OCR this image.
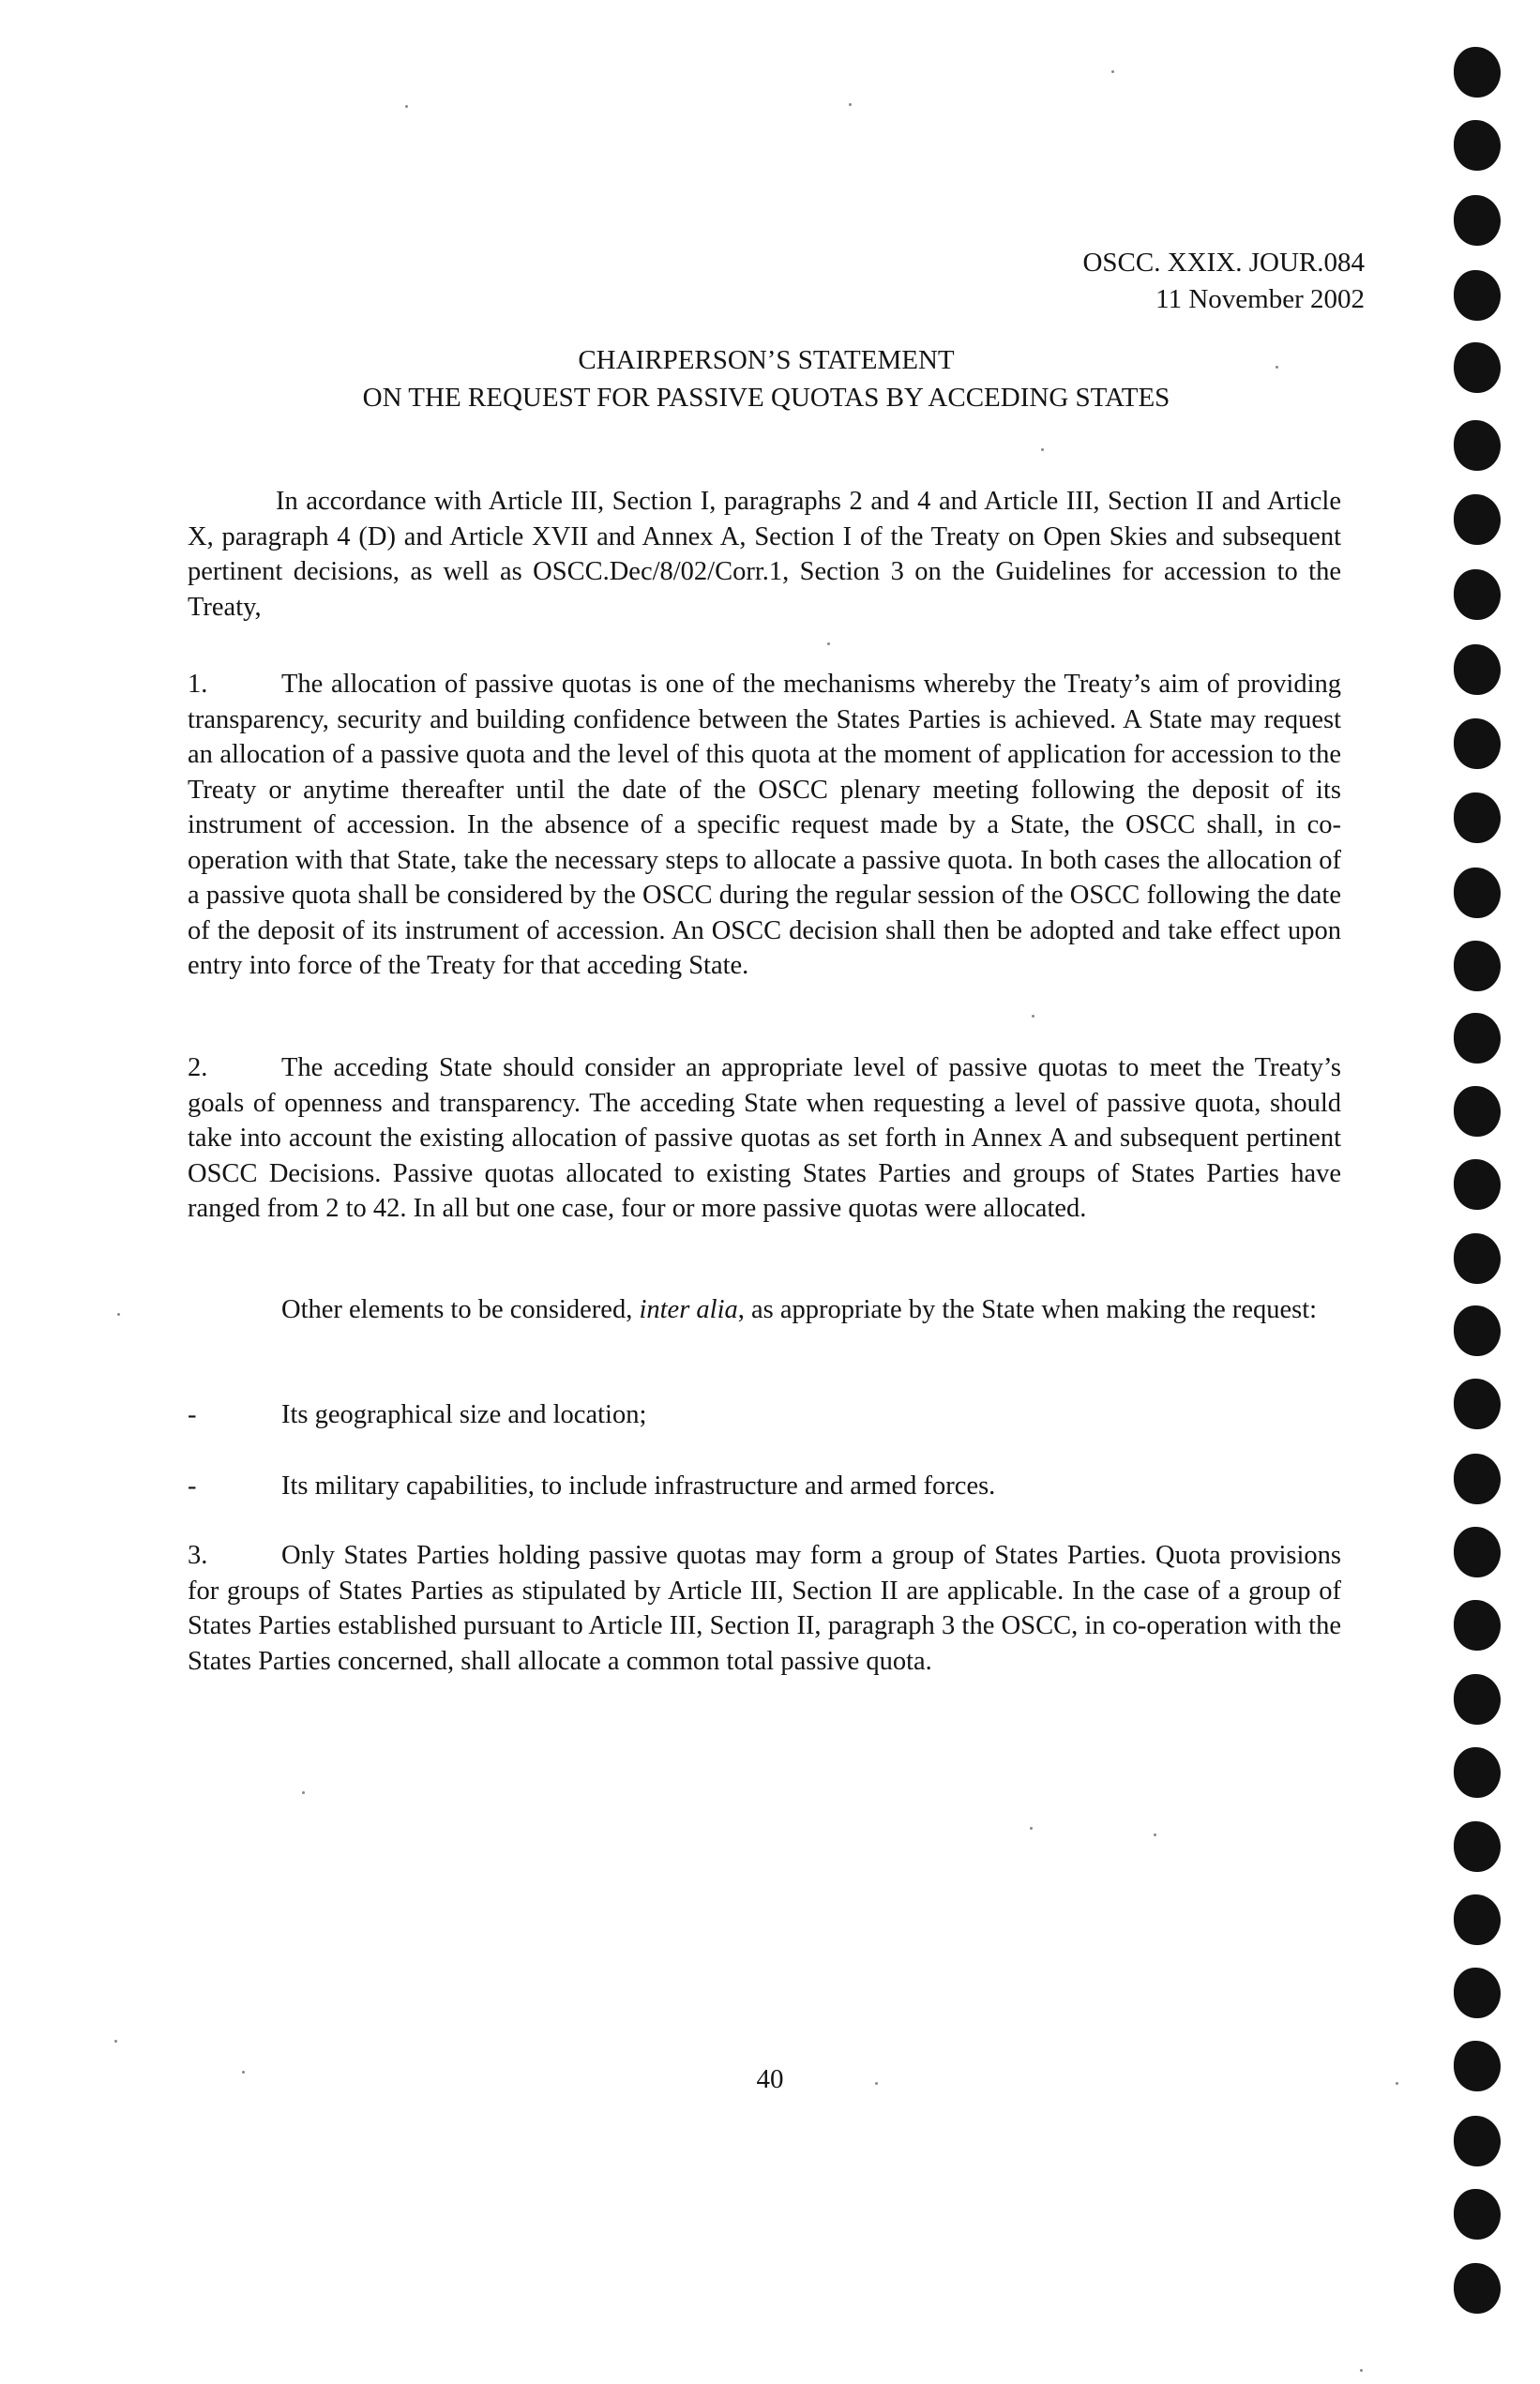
OSCC. XXIX. JOUR.084
11 November 2002
CHAIRPERSON’S STATEMENT
ON THE REQUEST FOR PASSIVE QUOTAS BY ACCEDING STATES
In accordance with Article III, Section I, paragraphs 2 and 4 and Article III, Section II and Article X, paragraph 4 (D) and Article XVII and Annex A, Section I of the Treaty on Open Skies and subsequent pertinent decisions, as well as OSCC.Dec/8/02/Corr.1, Section 3 on the Guidelines for accession to the Treaty,
1.	The allocation of passive quotas is one of the mechanisms whereby the Treaty’s aim of providing transparency, security and building confidence between the States Parties is achieved. A State may request an allocation of a passive quota and the level of this quota at the moment of application for accession to the Treaty or anytime thereafter until the date of the OSCC plenary meeting following the deposit of its instrument of accession. In the absence of a specific request made by a State, the OSCC shall, in co-operation with that State, take the necessary steps to allocate a passive quota. In both cases the allocation of a passive quota shall be considered by the OSCC during the regular session of the OSCC following the date of the deposit of its instrument of accession. An OSCC decision shall then be adopted and take effect upon entry into force of the Treaty for that acceding State.
2.	The acceding State should consider an appropriate level of passive quotas to meet the Treaty’s goals of openness and transparency. The acceding State when requesting a level of passive quota, should take into account the existing allocation of passive quotas as set forth in Annex A and subsequent pertinent OSCC Decisions. Passive quotas allocated to existing States Parties and groups of States Parties have ranged from 2 to 42. In all but one case, four or more passive quotas were allocated.
Other elements to be considered, inter alia, as appropriate by the State when making the request:
-	Its geographical size and location;
-	Its military capabilities, to include infrastructure and armed forces.
3.	Only States Parties holding passive quotas may form a group of States Parties. Quota provisions for groups of States Parties as stipulated by Article III, Section II are applicable. In the case of a group of States Parties established pursuant to Article III, Section II, paragraph 3 the OSCC, in co-operation with the States Parties concerned, shall allocate a common total passive quota.
40
